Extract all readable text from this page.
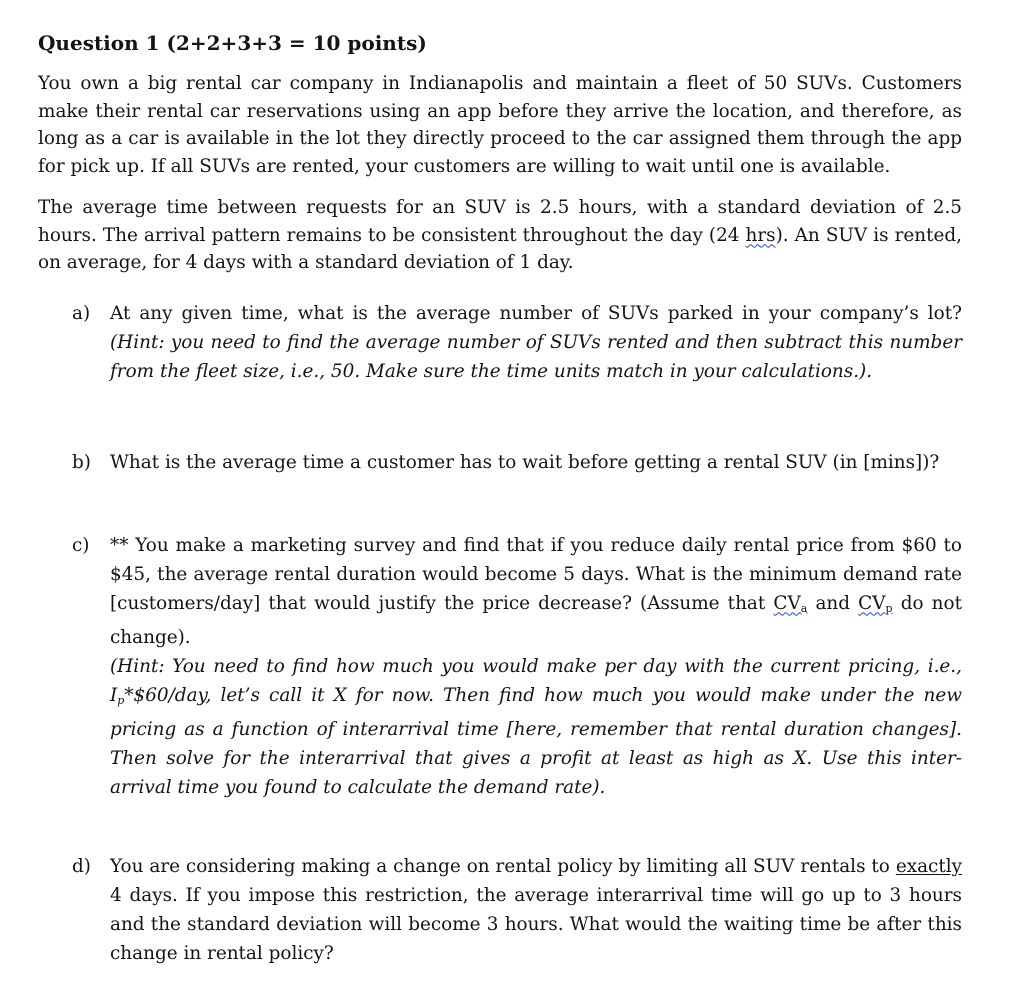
Question 1 (2+2+3+3 = 10 points)

You own a big rental car company in Indianapolis and maintain a fleet of 50 SUVs. Customers make their rental car reservations using an app before they arrive the location, and therefore, as long as a car is available in the lot they directly proceed to the car assigned them through the app for pick up. If all SUVs are rented, your customers are willing to wait until one is available.

The average time between requests for an SUV is 2.5 hours, with a standard deviation of 2.5 hours. The arrival pattern remains to be consistent throughout the day (24 hrs). An SUV is rented, on average, for 4 days with a standard deviation of 1 day.

a) At any given time, what is the average number of SUVs parked in your company’s lot? (Hint: you need to find the average number of SUVs rented and then subtract this number from the fleet size, i.e., 50. Make sure the time units match in your calculations.).
b) What is the average time a customer has to wait before getting a rental SUV (in [mins])?
c) ** You make a marketing survey and find that if you reduce daily rental price from $60 to $45, the average rental duration would become 5 days. What is the minimum demand rate [customers/day] that would justify the price decrease? (Assume that $CV_a$ and $CV_p$ do not change).
(Hint: You need to find how much you would make per day with the current pricing, i.e., $I_p*\$60$/day, let’s call it X for now. Then find how much you would make under the new pricing as a function of interarrival time [here, remember that rental duration changes]. Then solve for the interarrival that gives a profit at least as high as X. Use this inter-arrival time you found to calculate the demand rate).
d) You are considering making a change on rental policy by limiting all SUV rentals to exactly 4 days. If you impose this restriction, the average interarrival time will go up to 3 hours and the standard deviation will become 3 hours. What would the waiting time be after this change in rental policy?
